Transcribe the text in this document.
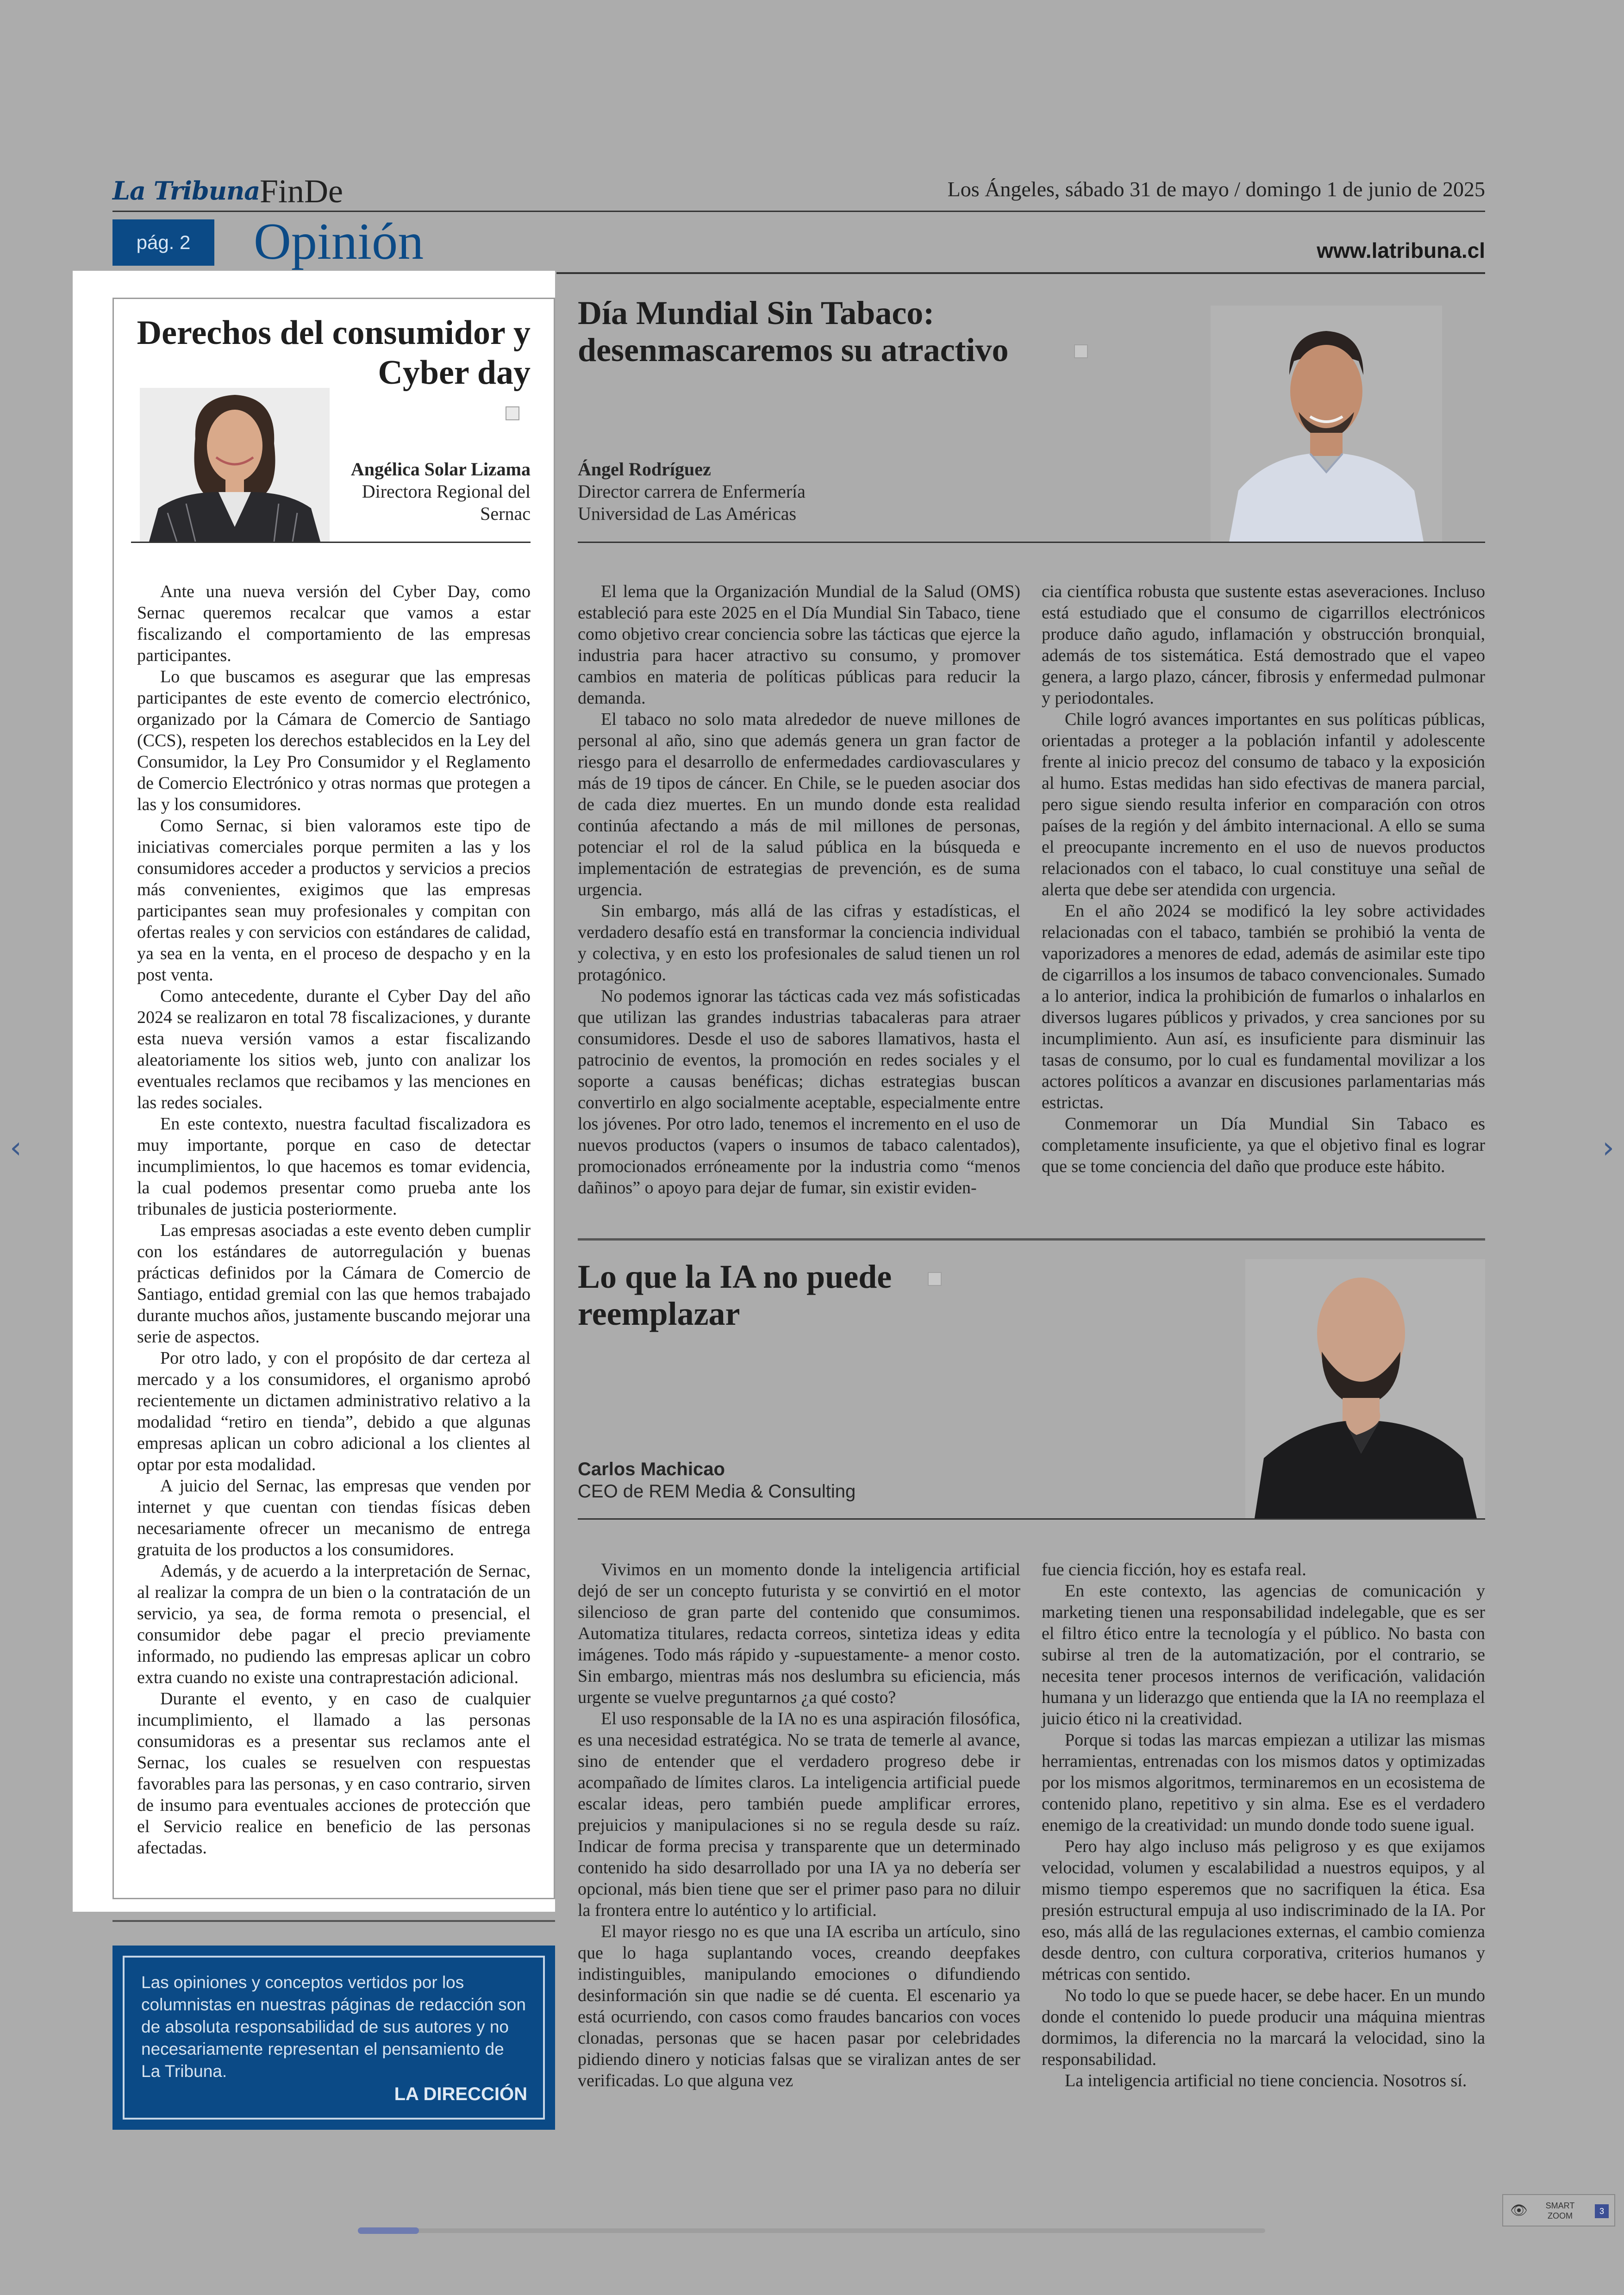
La Tribuna FinDe	Los Ángeles, sábado 31 de mayo / domingo 1 de junio de 2025
pág. 2	Opinión	www.latribuna.cl
Derechos del consumidor y Cyber day
Angélica Solar Lizama
Directora Regional del
Sernac

Ante una nueva versión del Cyber Day, como Sernac queremos recalcar que vamos a estar fiscalizando el comportamiento de las empresas participantes.

Lo que buscamos es asegurar que las empresas participantes de este evento de comercio electrónico, organizado por la Cámara de Comercio de Santiago (CCS), respeten los derechos establecidos en la Ley del Consumidor, la Ley Pro Consumidor y el Reglamento de Comercio Electrónico y otras normas que protegen a las y los consumidores.

Como Sernac, si bien valoramos este tipo de iniciativas comerciales porque permiten a las y los consumidores acceder a productos y servicios a precios más convenientes, exigimos que las empresas participantes sean muy profesionales y compitan con ofertas reales y con servicios con estándares de calidad, ya sea en la venta, en el proceso de despacho y en la post venta.

Como antecedente, durante el Cyber Day del año 2024 se realizaron en total 78 fiscalizaciones, y durante esta nueva versión vamos a estar fiscalizando aleatoriamente los sitios web, junto con analizar los eventuales reclamos que recibamos y las menciones en las redes sociales.

En este contexto, nuestra facultad fiscalizadora es muy importante, porque en caso de detectar incumplimientos, lo que hacemos es tomar evidencia, la cual podemos presentar como prueba ante los tribunales de justicia posteriormente.

Las empresas asociadas a este evento deben cumplir con los estándares de autorregulación y buenas prácticas definidos por la Cámara de Comercio de Santiago, entidad gremial con las que hemos trabajado durante muchos años, justamente buscando mejorar una serie de aspectos.

Por otro lado, y con el propósito de dar certeza al mercado y a los consumidores, el organismo aprobó recientemente un dictamen administrativo relativo a la modalidad “retiro en tienda”, debido a que algunas empresas aplican un cobro adicional a los clientes al optar por esta modalidad.

A juicio del Sernac, las empresas que venden por internet y que cuentan con tiendas físicas deben necesariamente ofrecer un mecanismo de entrega gratuita de los productos a los consumidores.

Además, y de acuerdo a la interpretación de Sernac, al realizar la compra de un bien o la contratación de un servicio, ya sea, de forma remota o presencial, el consumidor debe pagar el precio previamente informado, no pudiendo las empresas aplicar un cobro extra cuando no existe una contraprestación adicional.

Durante el evento, y en caso de cualquier incumplimiento, el llamado a las personas consumidoras es a presentar sus reclamos ante el Sernac, los cuales se resuelven con respuestas favorables para las personas, y en caso contrario, sirven de insumo para eventuales acciones de protección que el Servicio realice en beneficio de las personas afectadas.

Las opiniones y conceptos vertidos por los columnistas en nuestras páginas de redacción son de absoluta responsabilidad de sus autores y no necesariamente representan el pensamiento de La Tribuna.
LA DIRECCIÓN
Día Mundial Sin Tabaco: desenmascaremos su atractivo
Ángel Rodríguez
Director carrera de Enfermería
Universidad de Las Américas

El lema que la Organización Mundial de la Salud (OMS) estableció para este 2025 en el Día Mundial Sin Tabaco, tiene como objetivo crear conciencia sobre las tácticas que ejerce la industria para hacer atractivo su consumo, y promover cambios en materia de políticas públicas para reducir la demanda.

El tabaco no solo mata alrededor de nueve millones de personal al año, sino que además genera un gran factor de riesgo para el desarrollo de enfermedades cardiovasculares y más de 19 tipos de cáncer. En Chile, se le pueden asociar dos de cada diez muertes. En un mundo donde esta realidad continúa afectando a más de mil millones de personas, potenciar el rol de la salud pública en la búsqueda e implementación de estrategias de prevención, es de suma urgencia.

Sin embargo, más allá de las cifras y estadísticas, el verdadero desafío está en transformar la conciencia individual y colectiva, y en esto los profesionales de salud tienen un rol protagónico.

No podemos ignorar las tácticas cada vez más sofisticadas que utilizan las grandes industrias tabacaleras para atraer consumidores. Desde el uso de sabores llamativos, hasta el patrocinio de eventos, la promoción en redes sociales y el soporte a causas benéficas; dichas estrategias buscan convertirlo en algo socialmente aceptable, especialmente entre los jóvenes. Por otro lado, tenemos el incremento en el uso de nuevos productos (vapers o insumos de tabaco calentados), promocionados erróneamente por la industria como “menos dañinos” o apoyo para dejar de fumar, sin existir eviden-

cia científica robusta que sustente estas aseveraciones. Incluso está estudiado que el consumo de cigarrillos electrónicos produce daño agudo, inflamación y obstrucción bronquial, además de tos sistemática. Está demostrado que el vapeo genera, a largo plazo, cáncer, fibrosis y enfermedad pulmonar y periodontales.

Chile logró avances importantes en sus políticas públicas, orientadas a proteger a la población infantil y adolescente frente al inicio precoz del consumo de tabaco y la exposición al humo. Estas medidas han sido efectivas de manera parcial, pero sigue siendo resulta inferior en comparación con otros países de la región y del ámbito internacional. A ello se suma el preocupante incremento en el uso de nuevos productos relacionados con el tabaco, lo cual constituye una señal de alerta que debe ser atendida con urgencia.

En el año 2024 se modificó la ley sobre actividades relacionadas con el tabaco, también se prohibió la venta de vaporizadores a menores de edad, además de asimilar este tipo de cigarrillos a los insumos de tabaco convencionales. Sumado a lo anterior, indica la prohibición de fumarlos o inhalarlos en diversos lugares públicos y privados, y crea sanciones por su incumplimiento. Aun así, es insuficiente para disminuir las tasas de consumo, por lo cual es fundamental movilizar a los actores políticos a avanzar en discusiones parlamentarias más estrictas.

Conmemorar un Día Mundial Sin Tabaco es completamente insuficiente, ya que el objetivo final es lograr que se tome conciencia del daño que produce este hábito.

Lo que la IA no puede reemplazar
Carlos Machicao
CEO de REM Media & Consulting

Vivimos en un momento donde la inteligencia artificial dejó de ser un concepto futurista y se convirtió en el motor silencioso de gran parte del contenido que consumimos. Automatiza titulares, redacta correos, sintetiza ideas y edita imágenes. Todo más rápido y -supuestamente- a menor costo. Sin embargo, mientras más nos deslumbra su eficiencia, más urgente se vuelve preguntarnos ¿a qué costo?

El uso responsable de la IA no es una aspiración filosófica, es una necesidad estratégica. No se trata de temerle al avance, sino de entender que el verdadero progreso debe ir acompañado de límites claros. La inteligencia artificial puede escalar ideas, pero también puede amplificar errores, prejuicios y manipulaciones si no se regula desde su raíz. Indicar de forma precisa y transparente que un determinado contenido ha sido desarrollado por una IA ya no debería ser opcional, más bien tiene que ser el primer paso para no diluir la frontera entre lo auténtico y lo artificial.

El mayor riesgo no es que una IA escriba un artículo, sino que lo haga suplantando voces, creando deepfakes indistinguibles, manipulando emociones o difundiendo desinformación sin que nadie se dé cuenta. El escenario ya está ocurriendo, con casos como fraudes bancarios con voces clonadas, personas que se hacen pasar por celebridades pidiendo dinero y noticias falsas que se viralizan antes de ser verificadas. Lo que alguna vez

fue ciencia ficción, hoy es estafa real.

En este contexto, las agencias de comunicación y marketing tienen una responsabilidad indelegable, que es ser el filtro ético entre la tecnología y el público. No basta con subirse al tren de la automatización, por el contrario, se necesita tener procesos internos de verificación, validación humana y un liderazgo que entienda que la IA no reemplaza el juicio ético ni la creatividad.

Porque si todas las marcas empiezan a utilizar las mismas herramientas, entrenadas con los mismos datos y optimizadas por los mismos algoritmos, terminaremos en un ecosistema de contenido plano, repetitivo y sin alma. Ese es el verdadero enemigo de la creatividad: un mundo donde todo suene igual.

Pero hay algo incluso más peligroso y es que exijamos velocidad, volumen y escalabilidad a nuestros equipos, y al mismo tiempo esperemos que no sacrifiquen la ética. Esa presión estructural empuja al uso indiscriminado de la IA. Por eso, más allá de las regulaciones externas, el cambio comienza desde dentro, con cultura corporativa, criterios humanos y métricas con sentido.

No todo lo que se puede hacer, se debe hacer. En un mundo donde el contenido lo puede producir una máquina mientras dormimos, la diferencia no la marcará la velocidad, sino la responsabilidad.

La inteligencia artificial no tiene conciencia. Nosotros sí.

‹	›
👁	SMART
ZOOM	3
